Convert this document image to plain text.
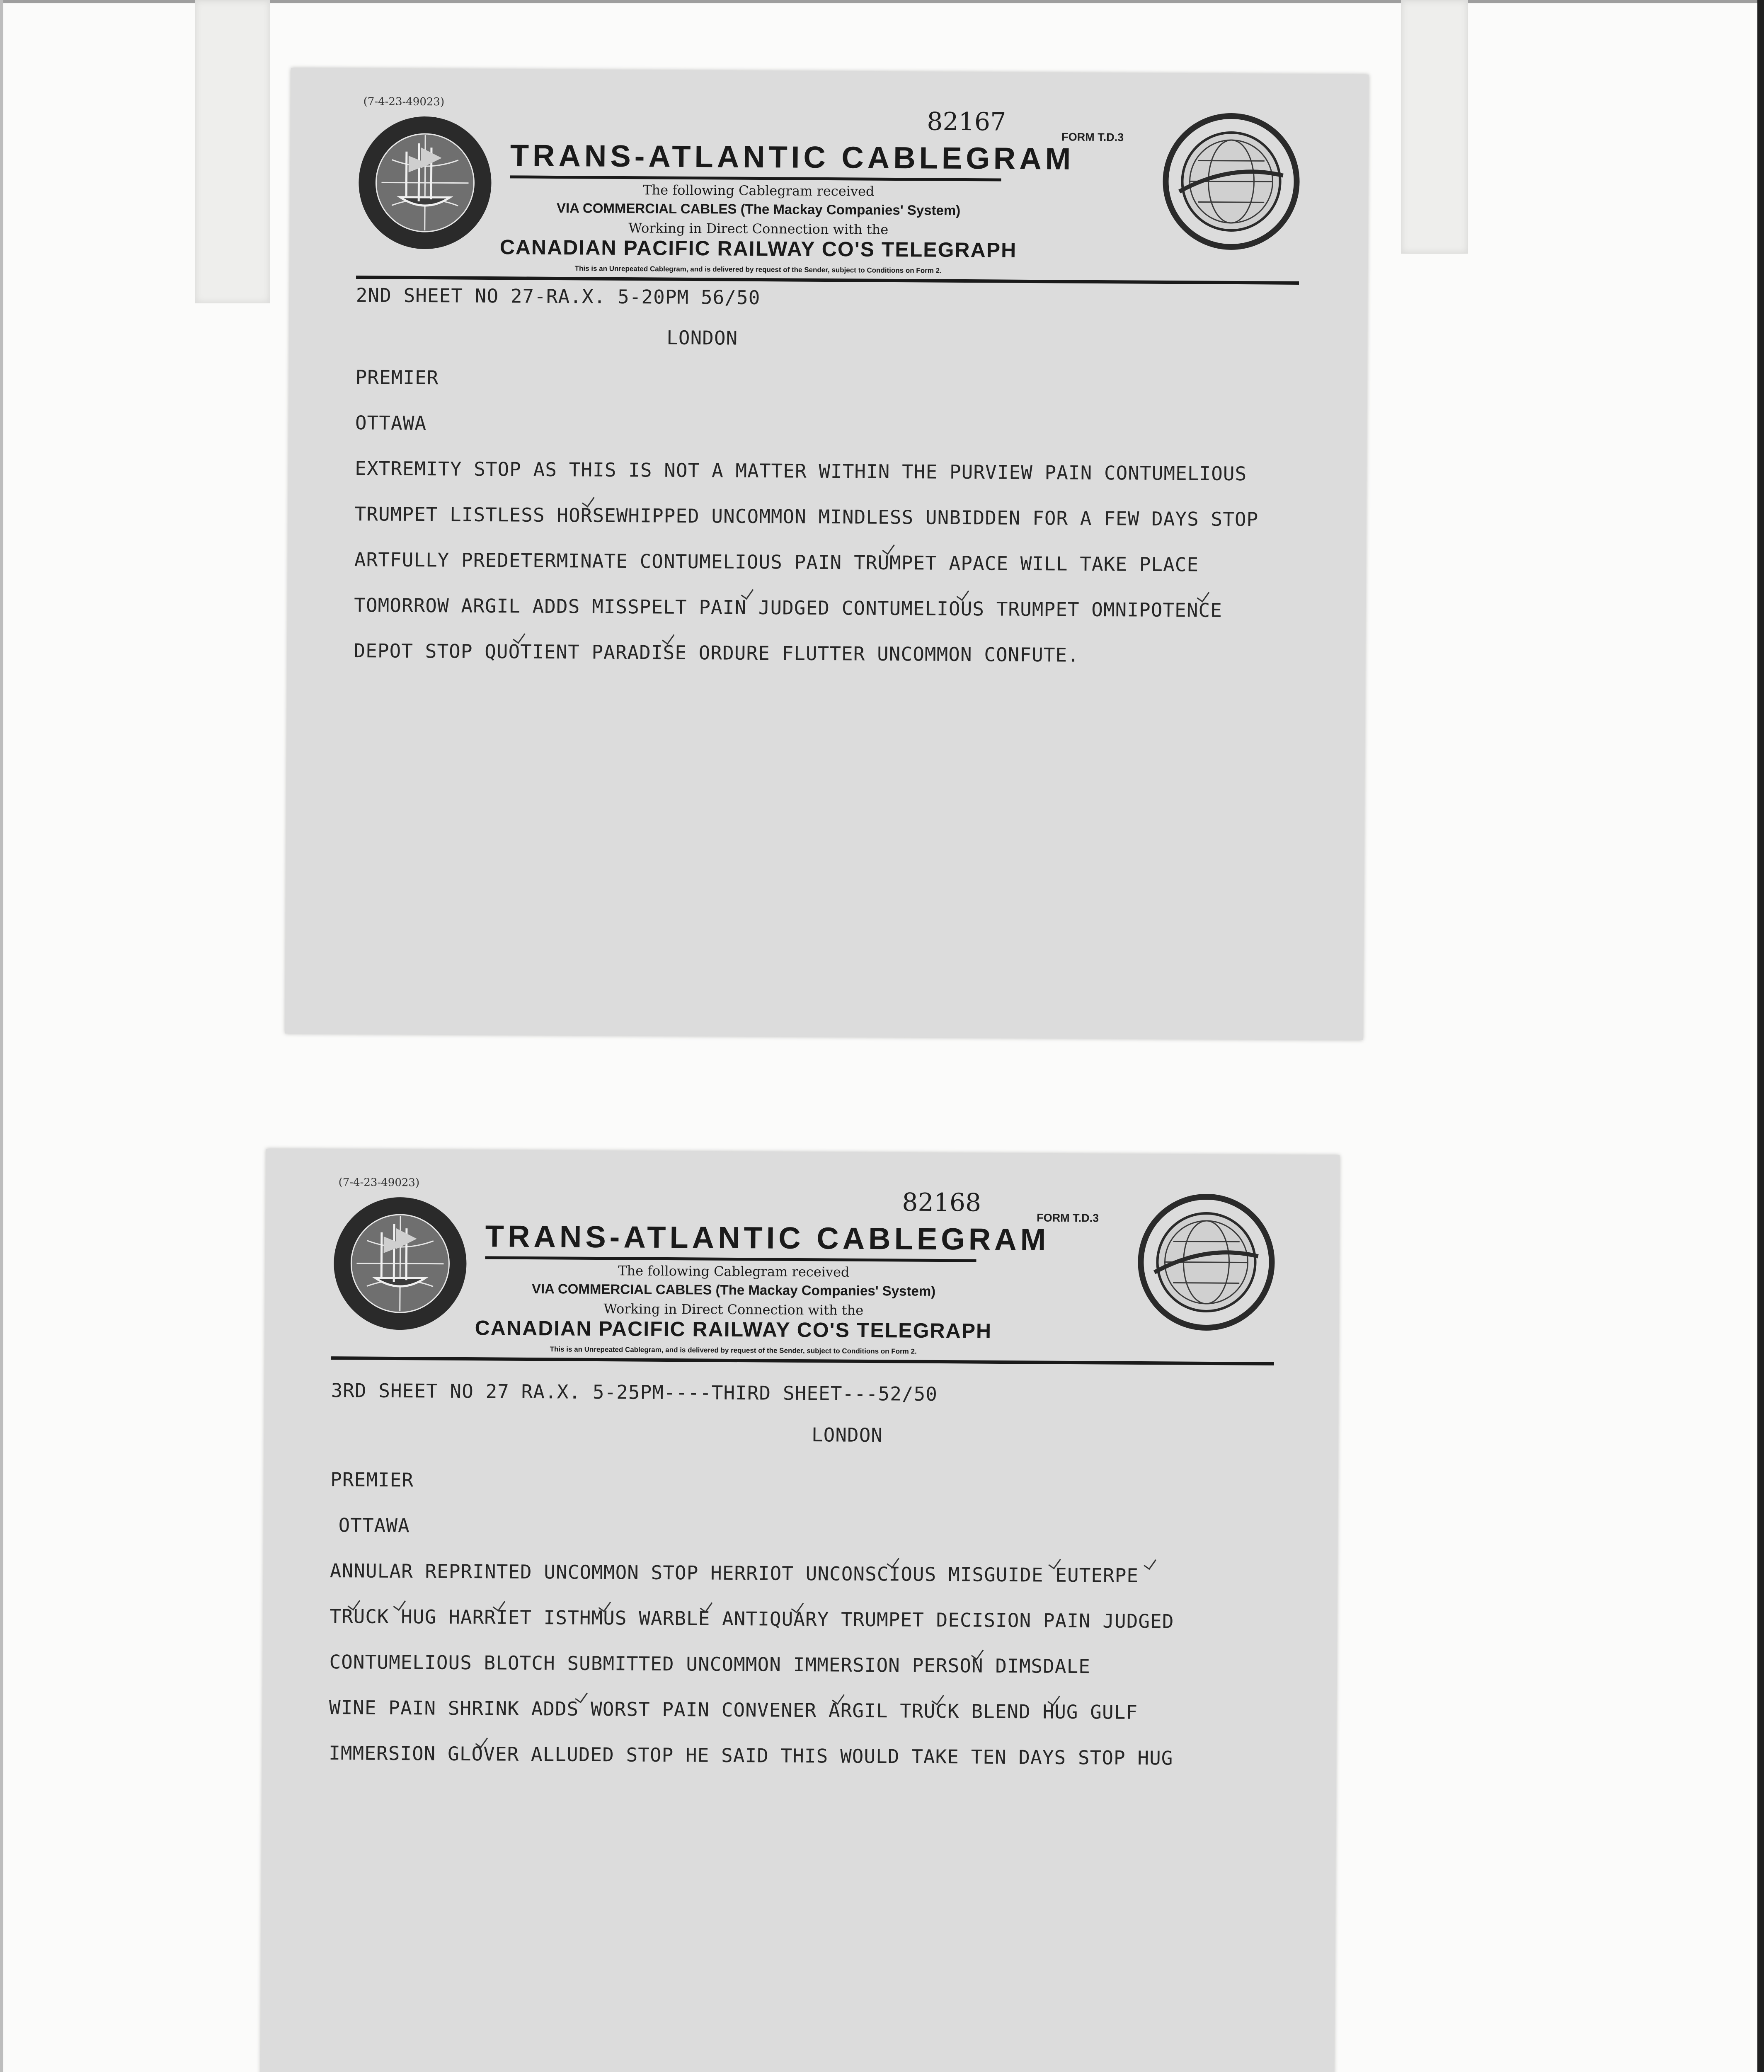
(7-4-23-49023)
82167
FORM T.D.3
TRANS-ATLANTIC CABLEGRAM
The following Cablegram received
VIA COMMERCIAL CABLES (The Mackay Companies' System)
Working in Direct Connection with the
CANADIAN PACIFIC RAILWAY CO'S TELEGRAPH
This is an Unrepeated Cablegram, and is delivered by request of the Sender, subject to Conditions on Form 2.
2ND SHEET NO 27-RA.X. 5-20PM 56/50
LONDON
PREMIER
OTTAWA
EXTREMITY STOP AS THIS IS NOT A MATTER WITHIN THE PURVIEW PAIN CONTUMELIOUS
TRUMPET LISTLESS HORSEWHIPPED UNCOMMON MINDLESS UNBIDDEN FOR A FEW DAYS STOP
ARTFULLY PREDETERMINATE CONTUMELIOUS PAIN TRUMPET APACE WILL TAKE PLACE
TOMORROW ARGIL ADDS MISSPELT PAIN JUDGED CONTUMELIOUS TRUMPET OMNIPOTENCE
DEPOT STOP QUOTIENT PARADISE ORDURE FLUTTER UNCOMMON CONFUTE.
(7-4-23-49023)
82168
FORM T.D.3
TRANS-ATLANTIC CABLEGRAM
The following Cablegram received
VIA COMMERCIAL CABLES (The Mackay Companies' System)
Working in Direct Connection with the
CANADIAN PACIFIC RAILWAY CO'S TELEGRAPH
This is an Unrepeated Cablegram, and is delivered by request of the Sender, subject to Conditions on Form 2.
3RD SHEET NO 27 RA.X. 5-25PM----THIRD SHEET---52/50
LONDON
PREMIER
OTTAWA
ANNULAR REPRINTED UNCOMMON STOP HERRIOT UNCONSCIOUS MISGUIDE EUTERPE
TRUCK HUG HARRIET ISTHMUS WARBLE ANTIQUARY TRUMPET DECISION PAIN JUDGED
CONTUMELIOUS BLOTCH SUBMITTED UNCOMMON IMMERSION PERSON DIMSDALE
WINE PAIN SHRINK ADDS WORST PAIN CONVENER ARGIL TRUCK BLEND HUG GULF
IMMERSION GLOVER ALLUDED STOP HE SAID THIS WOULD TAKE TEN DAYS STOP HUG
